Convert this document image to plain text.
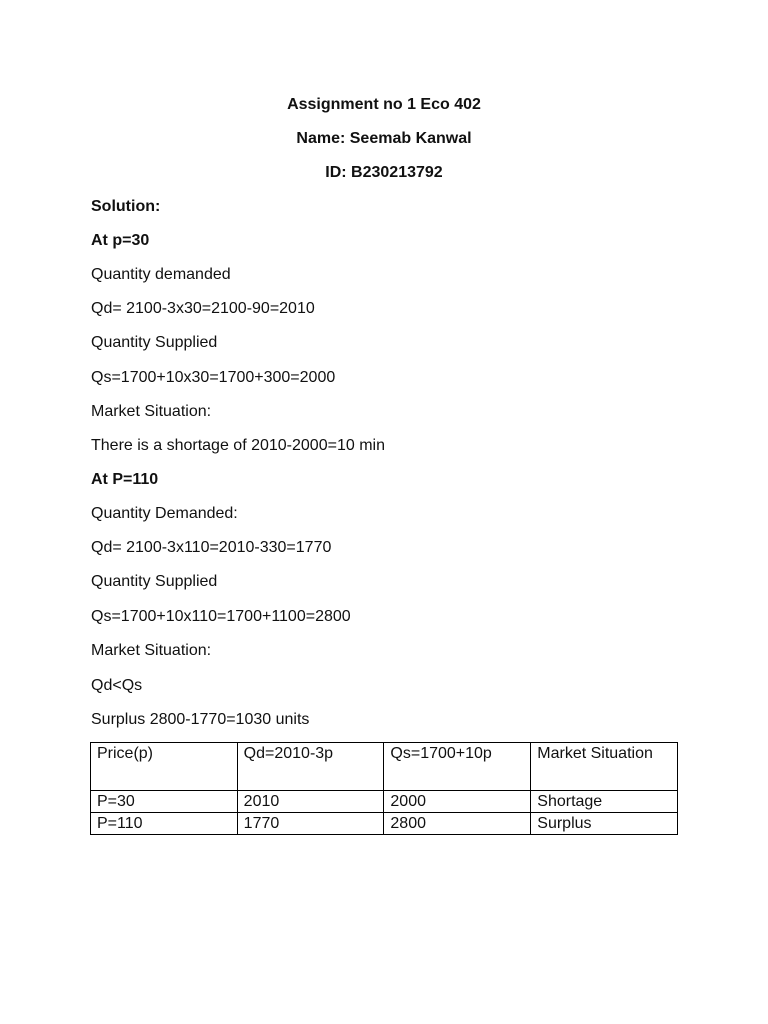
Assignment no 1 Eco 402
Name: Seemab Kanwal
ID: B230213792
Solution:
At p=30
Quantity demanded
Qd= 2100-3x30=2100-90=2010
Quantity Supplied
Qs=1700+10x30=1700+300=2000
Market Situation:
There is a shortage of 2010-2000=10 min
At P=110
Quantity Demanded:
Qd= 2100-3x110=2010-330=1770
Quantity Supplied
Qs=1700+10x110=1700+1100=2800
Market Situation:
Qd<Qs
Surplus 2800-1770=1030 units
Price(p)	Qd=2010-3p	Qs=1700+10p	Market Situation
P=30	2010	2000	Shortage
P=110	1770	2800	Surplus
